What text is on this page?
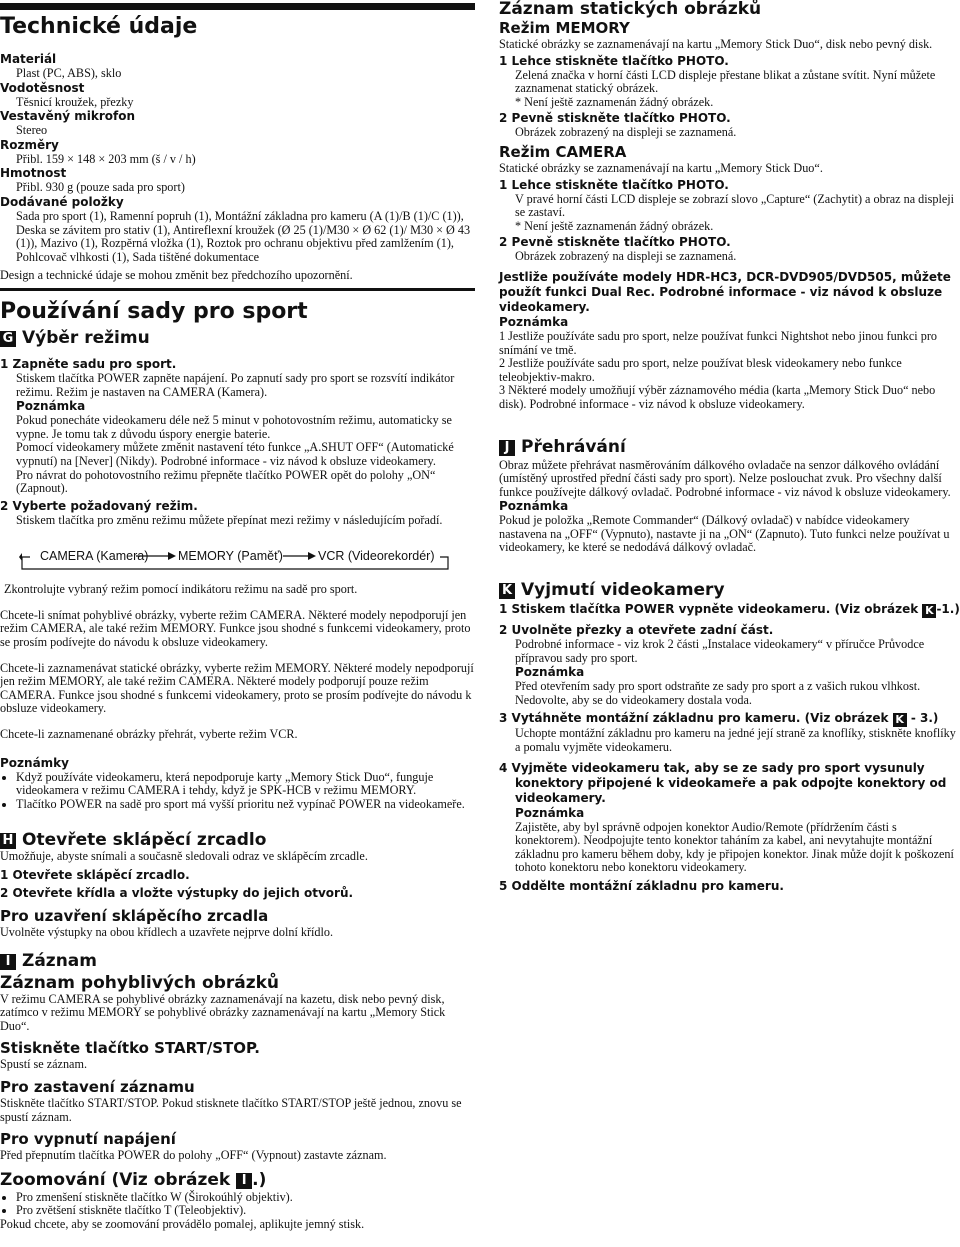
Technické údaje
Materiál
Plast (PC, ABS), sklo
Vodotěsnost
Těsnicí kroužek, přezky
Vestavěný mikrofon
Stereo
Rozměry
Přibl. 159 × 148 × 203 mm (š / v / h)
Hmotnost
Přibl. 930 g (pouze sada pro sport)
Dodávané položky
Sada pro sport (1), Ramenní popruh (1), Montážní základna pro kameru (A (1)/B (1)/C (1)), Deska se závitem pro stativ (1), Antireflexní kroužek (Ø 25 (1)/M30 × Ø 62 (1)/ M30 × Ø 43 (1)), Mazivo (1), Rozpěrná vložka (1), Roztok pro ochranu objektivu před zamlžením (1), Pohlcovač vlhkosti (1), Sada tištěné dokumentace
Design a technické údaje se mohou změnit bez předchozího upozornění.
Používání sady pro sport
G Výběr režimu
1 Zapněte sadu pro sport.
Stiskem tlačítka POWER zapněte napájení. Po zapnutí sady pro sport se rozsvítí indikátor režimu. Režim je nastaven na CAMERA (Kamera).
Poznámka
Pokud ponecháte videokameru déle než 5 minut v pohotovostním režimu, automaticky se vypne. Je tomu tak z důvodu úspory energie baterie.
Pomocí videokamery můžete změnit nastavení této funkce „A.SHUT OFF“ (Automatické vypnutí) na [Never] (Nikdy). Podrobné informace - viz návod k obsluze videokamery.
Pro návrat do pohotovostního režimu přepněte tlačítko POWER opět do polohy „ON“ (Zapnout).
2 Vyberte požadovaný režim.
Stiskem tlačítka pro změnu režimu můžete přepínat mezi režimy v následujícím pořadí.
CAMERA (Kamera) MEMORY (Paměť)	VCR (Videorekordér)
Zkontrolujte vybraný režim pomocí indikátoru režimu na sadě pro sport.
Chcete-li snímat pohyblivé obrázky, vyberte režim CAMERA. Některé modely nepodporují jen režim CAMERA, ale také režim MEMORY. Funkce jsou shodné s funkcemi videokamery, proto se prosím podívejte do návodu k obsluze videokamery.
Chcete-li zaznamenávat statické obrázky, vyberte režim MEMORY. Některé modely nepodporují jen režim MEMORY, ale také režim CAMERA. Některé modely podporují pouze režim CAMERA. Funkce jsou shodné s funkcemi videokamery, proto se prosím podívejte do návodu k obsluze videokamery.
Chcete-li zaznamenané obrázky přehrát, vyberte režim VCR.
Poznámky
• Když používáte videokameru, která nepodporuje karty „Memory Stick Duo“, funguje videokamera v režimu CAMERA i tehdy, když je SPK-HCB v režimu MEMORY.
• Tlačítko POWER na sadě pro sport má vyšší prioritu než vypínač POWER na videokameře.
H Otevřete sklápěcí zrcadlo
Umožňuje, abyste snímali a současně sledovali odraz ve sklápěcím zrcadle.
1 Otevřete sklápěcí zrcadlo.
2 Otevřete křídla a vložte výstupky do jejich otvorů.
Pro uzavření sklápěcího zrcadla
Uvolněte výstupky na obou křídlech a uzavřete nejprve dolní křídlo.
I Záznam
Záznam pohyblivých obrázků
V režimu CAMERA se pohyblivé obrázky zaznamenávají na kazetu, disk nebo pevný disk, zatímco v režimu MEMORY se pohyblivé obrázky zaznamenávají na kartu „Memory Stick Duo“.
Stiskněte tlačítko START/STOP.
Spustí se záznam.
Pro zastavení záznamu
Stiskněte tlačítko START/STOP. Pokud stisknete tlačítko START/STOP ještě jednou, znovu se spustí záznam.
Pro vypnutí napájení
Před přepnutím tlačítka POWER do polohy „OFF“ (Vypnout) zastavte záznam.
Zoomování (Viz obrázek I .)
• Pro zmenšení stiskněte tlačítko W (Širokoúhlý objektiv).
• Pro zvětšení stiskněte tlačítko T (Teleobjektiv).
Pokud chcete, aby se zoomování provádělo pomalej, aplikujte jemný stisk.
Záznam statických obrázků
Režim MEMORY
Statické obrázky se zaznamenávají na kartu „Memory Stick Duo“, disk nebo pevný disk.
1 Lehce stiskněte tlačítko PHOTO.
Zelená značka v horní části LCD displeje přestane blikat a zůstane svítit. Nyní můžete zaznamenat statický obrázek.
* Není ještě zaznamenán žádný obrázek.
2 Pevně stiskněte tlačítko PHOTO.
Obrázek zobrazený na displeji se zaznamená.
Režim CAMERA
Statické obrázky se zaznamenávají na kartu „Memory Stick Duo“.
1 Lehce stiskněte tlačítko PHOTO.
V pravé horní části LCD displeje se zobrazí slovo „Capture“ (Zachytit) a obraz na displeji se zastaví.
* Není ještě zaznamenán žádný obrázek.
2 Pevně stiskněte tlačítko PHOTO.
Obrázek zobrazený na displeji se zaznamená.
Jestliže používáte modely HDR-HC3, DCR-DVD905/DVD505, můžete použít funkci Dual Rec. Podrobné informace - viz návod k obsluze videokamery.
Poznámka
1 Jestliže používáte sadu pro sport, nelze používat funkci Nightshot nebo jinou funkci pro snímání ve tmě.
2 Jestliže používáte sadu pro sport, nelze používat blesk videokamery nebo funkce teleobjektiv-makro.
3 Některé modely umožňují výběr záznamového média (karta „Memory Stick Duo“ nebo disk). Podrobné informace - viz návod k obsluze videokamery.
J Přehrávání
Obraz můžete přehrávat nasměrováním dálkového ovladače na senzor dálkového ovládání (umístěný uprostřed přední části sady pro sport). Nelze poslouchat zvuk. Pro všechny další funkce používejte dálkový ovladač. Podrobné informace - viz návod k obsluze videokamery.
Poznámka
Pokud je položka „Remote Commander“ (Dálkový ovladač) v nabídce videokamery nastavena na „OFF“ (Vypnuto), nastavte ji na „ON“ (Zapnuto). Tuto funkci nelze používat u videokamery, ke které se nedodává dálkový ovladač.
K Vyjmutí videokamery
1 Stiskem tlačítka POWER vypněte videokameru. (Viz obrázek K -1.)
2 Uvolněte přezky a otevřete zadní část.
Podrobné informace - viz krok 2 části „Instalace videokamery“ v příručce Průvodce přípravou sady pro sport.
Poznámka
Před otevřením sady pro sport odstraňte ze sady pro sport a z vašich rukou vlhkost. Nedovolte, aby se do videokamery dostala voda.
3 Vytáhněte montážní základnu pro kameru. (Viz obrázek K - 3.)
Uchopte montážní základnu pro kameru na jedné její straně za knoflíky, stiskněte knoflíky a pomalu vyjměte videokameru.
4 Vyjměte videokameru tak, aby se ze sady pro sport vysunuly konektory připojené k videokameře a pak odpojte konektory od videokamery.
Poznámka
Zajistěte, aby byl správně odpojen konektor Audio/Remote (přídržením části s konektorem). Neodpojujte tento konektor taháním za kabel, ani nevytahujte montážní základnu pro kameru během doby, kdy je připojen konektor. Jinak může dojít k poškození tohoto konektoru nebo konektoru videokamery.
5 Oddělte montážní základnu pro kameru.
